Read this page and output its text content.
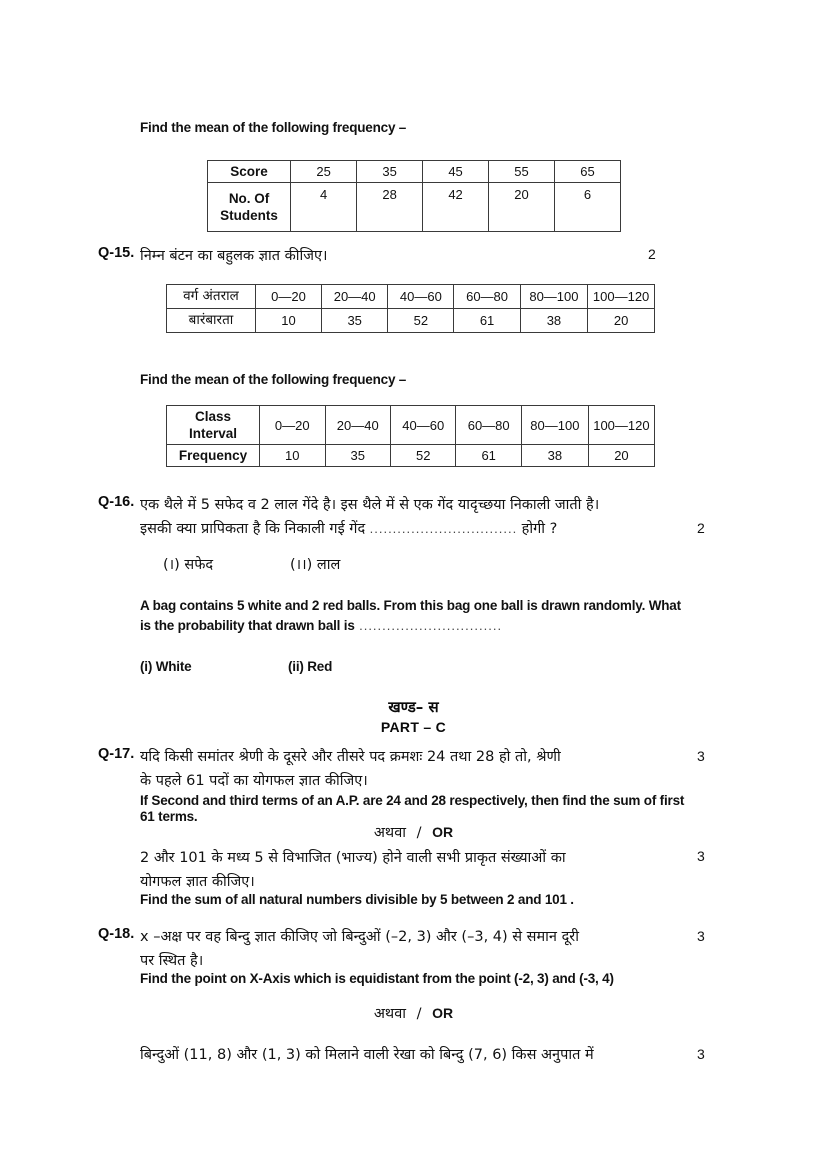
Find the mean of the following frequency –
Score	25	35	45	55	65
No. Of Students	4	28	42	20	6
Q-15. निम्न बंटन का बहुलक ज्ञात कीजिए।	2
वर्ग अंतराल	0—20	20—40	40—60	60—80	80—100	100—120
बारंबारता	10	35	52	61	38	20
Find the mean of the following frequency –
Class Interval	0—20	20—40	40—60	60—80	80—100	100—120
Frequency	10	35	52	61	38	20
Q-16. एक थैले में 5 सफेद व 2 लाल गेंदे है। इस थैले में से एक गेंद यादृच्छया निकाली जाती है।
इसकी क्या प्रापिकता है कि निकाली गई गेंद ................................ होगी ?	2
(।) सफेद	(।।) लाल
A bag contains 5 white and 2 red balls. From this bag one ball is drawn randomly. What
is the probability that drawn ball is ...............................
(i) White	(ii) Red
खण्ड– स
PART – C
Q-17. यदि किसी समांतर श्रेणी के दूसरे और तीसरे पद क्रमशः 24 तथा 28 हो तो, श्रेणी
के पहले 61 पदों का योगफल ज्ञात कीजिए।
3
If Second and third terms of an A.P. are 24 and 28 respectively, then find the sum of first
61 terms.
अथवा / OR
2 और 101 के मध्य 5 से विभाजित (भाज्य) होने वाली सभी प्राकृत संख्याओं का
योगफल ज्ञात कीजिए।
3
Find the sum of all natural numbers divisible by 5 between 2 and 101 .
Q-18. x –अक्ष पर वह बिन्दु ज्ञात कीजिए जो बिन्दुओं (–2, 3) और (–3, 4) से समान दूरी
पर स्थित है।
3
Find the point on X-Axis which is equidistant from the point (-2, 3) and (-3, 4)
अथवा / OR
बिन्दुओं (11, 8) और (1, 3) को मिलाने वाली रेखा को बिन्दु (7, 6) किस अनुपात में	3
